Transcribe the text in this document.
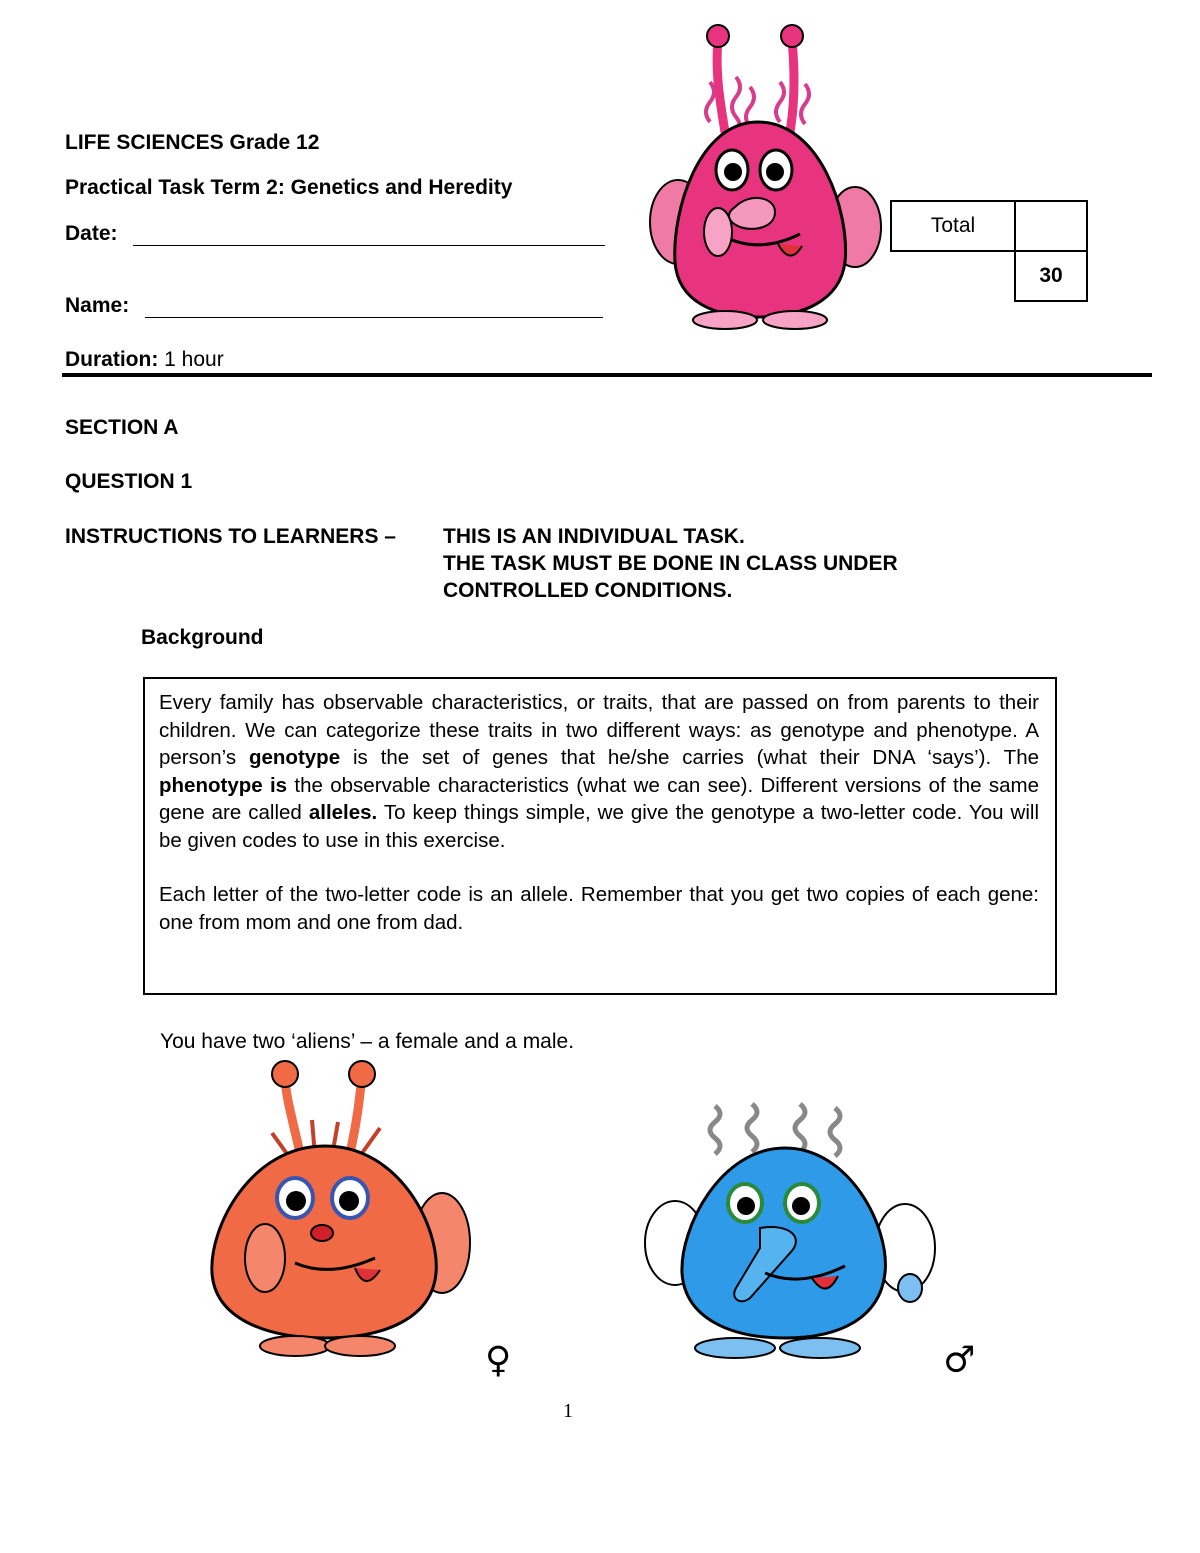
LIFE SCIENCES Grade 12
Practical Task Term 2: Genetics and Heredity
Date:
Name:
Duration: 1 hour
Total	
	30
SECTION A
QUESTION 1
INSTRUCTIONS TO LEARNERS – THIS IS AN INDIVIDUAL TASK.
THE TASK MUST BE DONE IN CLASS UNDER
CONTROLLED CONDITIONS.
Background

Every family has observable characteristics, or traits, that are passed on from parents to their children. We can categorize these traits in two different ways: as genotype and phenotype. A person’s genotype is the set of genes that he/she carries (what their DNA ‘says’). The phenotype is the observable characteristics (what we can see). Different versions of the same gene are called alleles. To keep things simple, we give the genotype a two-letter code. You will be given codes to use in this exercise.

Each letter of the two-letter code is an allele. Remember that you get two copies of each gene: one from mom and one from dad.

You have two ‘aliens’ – a female and a male.
♀	♂
1
